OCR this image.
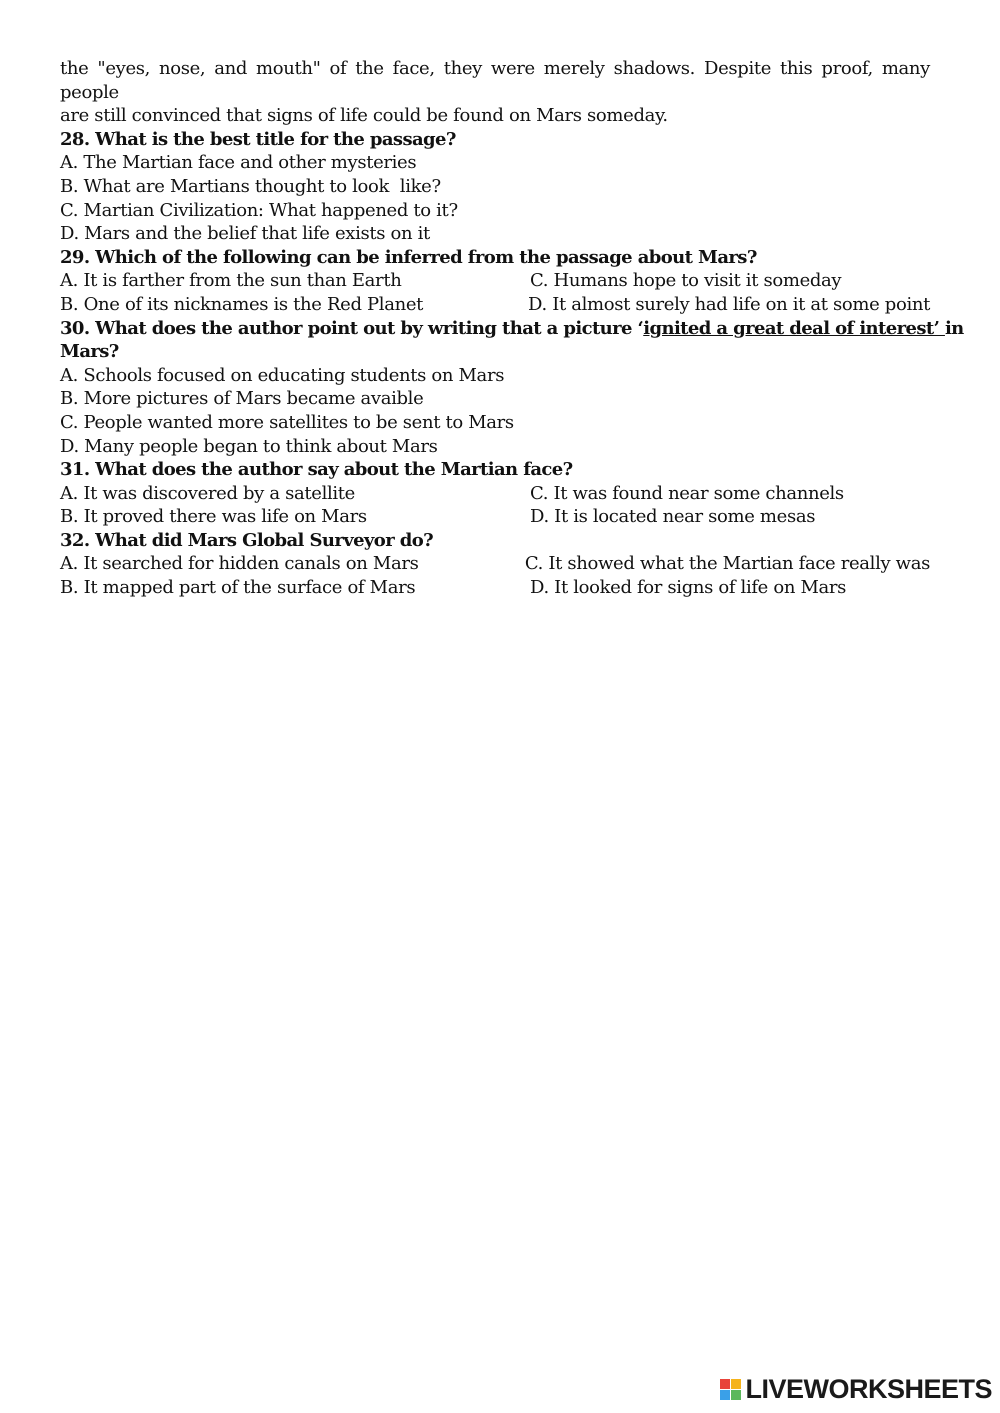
the "eyes, nose, and mouth" of the face, they were merely shadows. Despite this proof, many people
are still convinced that signs of life could be found on Mars someday.
28. What is the best title for the passage?
A. The Martian face and other mysteries
B. What are Martians thought to look  like?
C. Martian Civilization: What happened to it?
D. Mars and the belief that life exists on it
29. Which of the following can be inferred from the passage about Mars?
A. It is farther from the sun than Earth	C. Humans hope to visit it someday
B. One of its nicknames is the Red Planet	D. It almost surely had life on it at some point
30. What does the author point out by writing that a picture ‘ignited a great deal of interest’ in
Mars?
A. Schools focused on educating students on Mars
B. More pictures of Mars became avaible
C. People wanted more satellites to be sent to Mars
D. Many people began to think about Mars
31. What does the author say about the Martian face?
A. It was discovered by a satellite	C. It was found near some channels
B. It proved there was life on Mars	D. It is located near some mesas
32. What did Mars Global Surveyor do?
A. It searched for hidden canals on Mars	C. It showed what the Martian face really was
B. It mapped part of the surface of Mars	D. It looked for signs of life on Mars
LIVEWORKSHEETS
